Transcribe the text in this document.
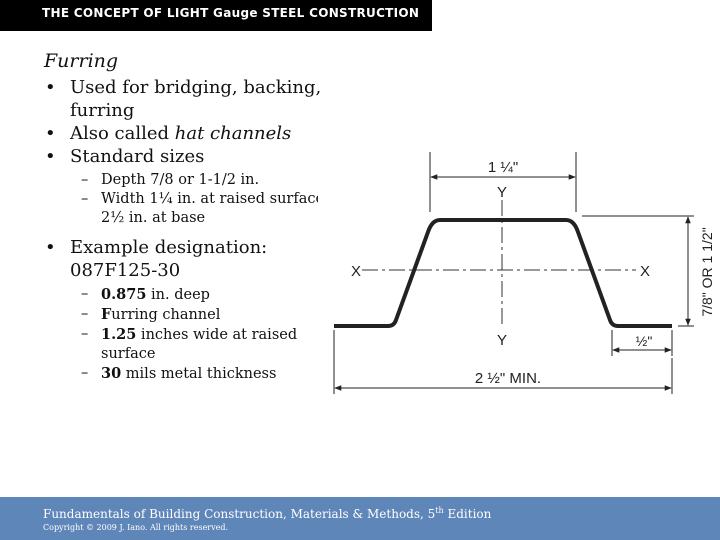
THE CONCEPT OF LIGHT Gauge STEEL CONSTRUCTION
Furring
• Used for bridging, backing, furring
• Also called hat channels
• Standard sizes
– Depth 7/8 or 1-1/2 in.
– Width 1¼ in. at raised surface, 2½ in. at base
• Example designation: 087F125-30
– 0.875 in. deep
– Furring channel
– 1.25 inches wide at raised surface
– 30 mils metal thickness
1 ¼"
Y
Y
X	X	7/8" OR 1 1/2"
½"
2 ½" MIN.
Fundamentals of Building Construction, Materials & Methods, 5th Edition
Copyright © 2009 J. Iano. All rights reserved.
